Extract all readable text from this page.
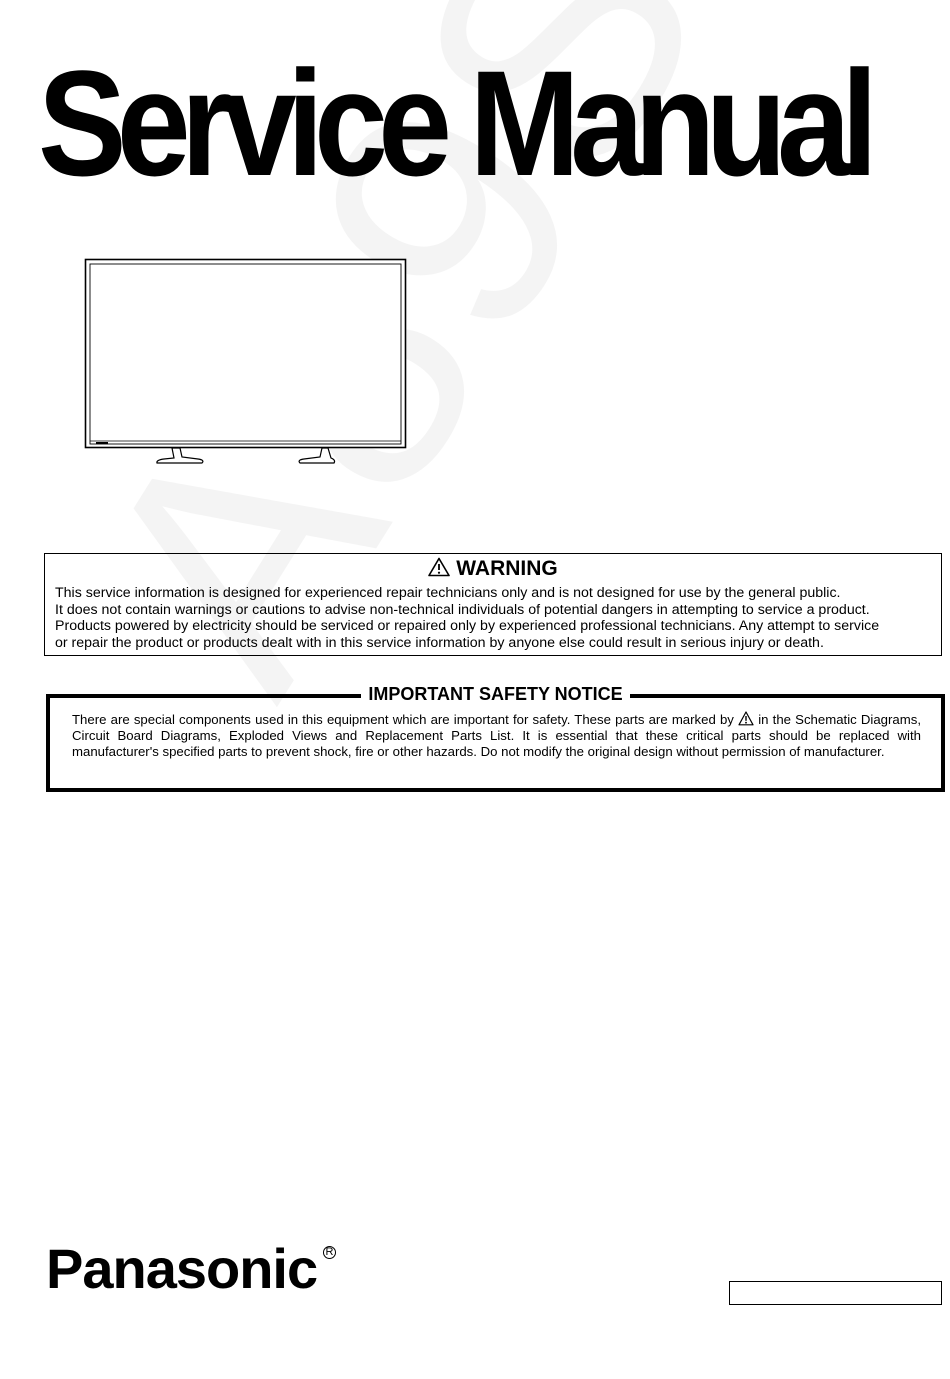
Service Manual
WARNING
This service information is designed for experienced repair technicians only and is not designed for use by the general public.
It does not contain warnings or cautions to advise non-technical individuals of potential dangers in attempting to service a product.
Products powered by electricity should be serviced or repaired only by experienced professional technicians. Any attempt to service
or repair the product or products dealt with in this service information by anyone else could result in serious injury or death.
IMPORTANT SAFETY NOTICE
There are special components used in this equipment which are important for safety. These parts are marked by in the Schematic Diagrams, Circuit Board Diagrams, Exploded Views and Replacement Parts List. It is essential that these critical parts should be replaced with manufacturer's specified parts to prevent shock, fire or other hazards. Do not modify the original design without permission of manufacturer.
Panasonic R
